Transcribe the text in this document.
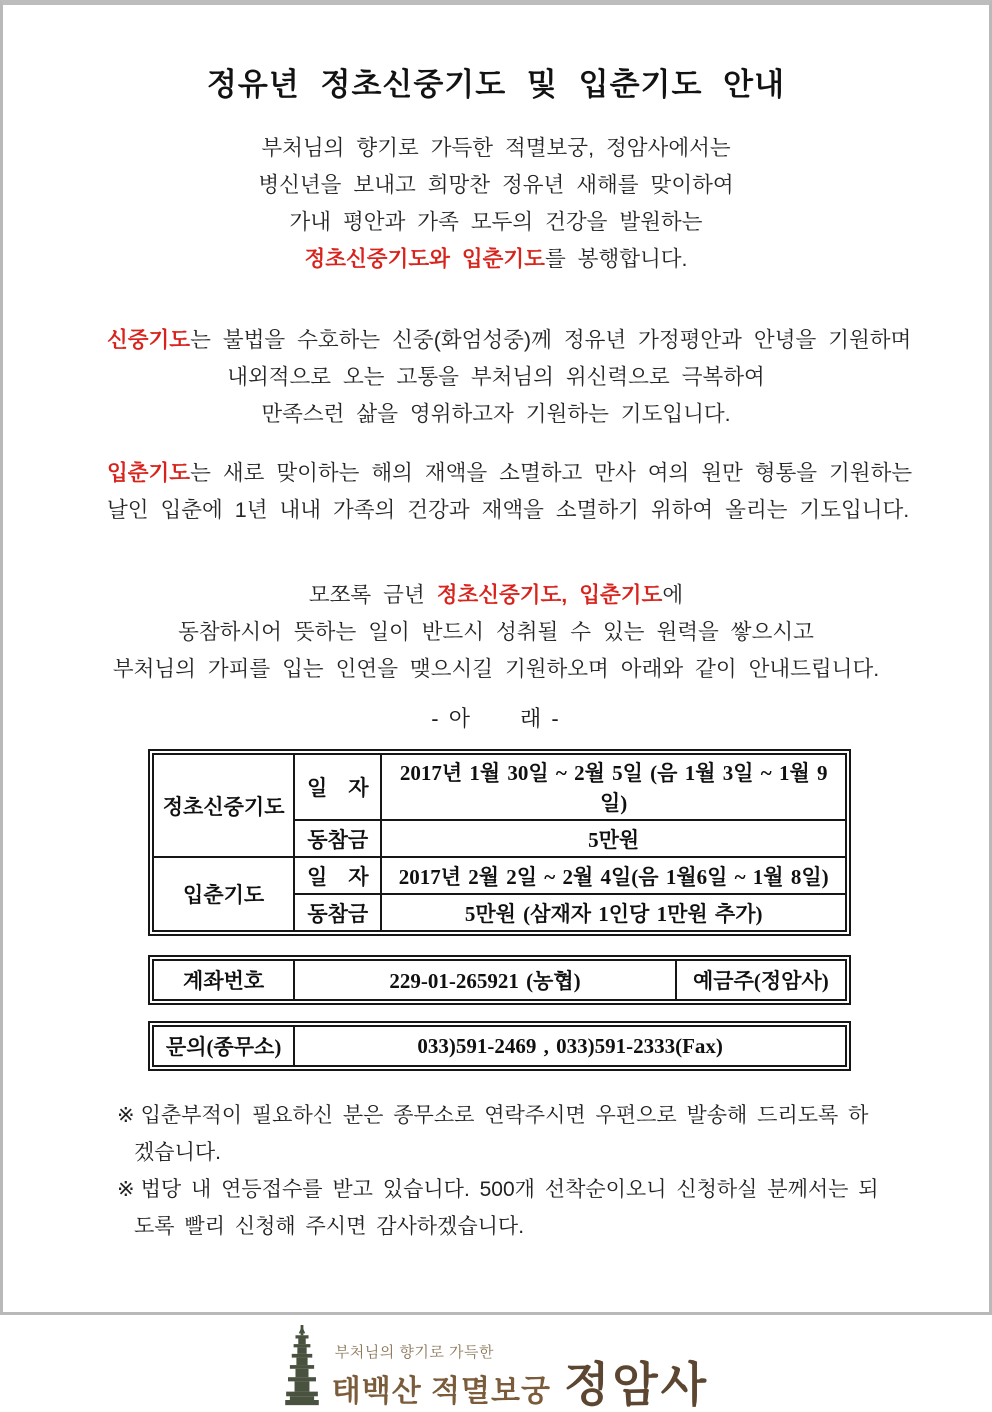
정유년 정초신중기도 및 입춘기도 안내
부처님의 향기로 가득한 적멸보궁, 정암사에서는
병신년을 보내고 희망찬 정유년 새해를 맞이하여
가내 평안과 가족 모두의 건강을 발원하는
정초신중기도와 입춘기도를 봉행합니다.
신중기도는 불법을 수호하는 신중(화엄성중)께 정유년 가정평안과 안녕을 기원하며
내외적으로 오는 고통을 부처님의 위신력으로 극복하여
만족스런 삶을 영위하고자 기원하는 기도입니다.
입춘기도는 새로 맞이하는 해의 재액을 소멸하고 만사 여의 원만 형통을 기원하는
날인 입춘에 1년 내내 가족의 건강과 재액을 소멸하기 위하여 올리는 기도입니다.
모쪼록 금년 정초신중기도, 입춘기도에
동참하시어 뜻하는 일이 반드시 성취될 수 있는 원력을 쌓으시고
부처님의 가피를 입는 인연을 맺으시길 기원하오며 아래와 같이 안내드립니다.
- 아　　래 -
정초신중기도	일　자	2017년 1월 30일 ~ 2월 5일 (음 1월 3일 ~ 1월 9일)
	동참금	5만원
입춘기도	일　자	2017년 2월 2일 ~ 2월 4일(음 1월6일 ~ 1월 8일)
	동참금	5만원 (삼재자 1인당 1만원 추가)
계좌번호	229-01-265921 (농협)	예금주(정암사)
문의(종무소)	033)591-2469 , 033)591-2333(Fax)
※ 입춘부적이 필요하신 분은 종무소로 연락주시면 우편으로 발송해 드리도록 하겠습니다.
※ 법당 내 연등접수를 받고 있습니다. 500개 선착순이오니 신청하실 분께서는 되도록 빨리 신청해 주시면 감사하겠습니다.
부처님의 향기로 가득한
태백산 적멸보궁 정암사
